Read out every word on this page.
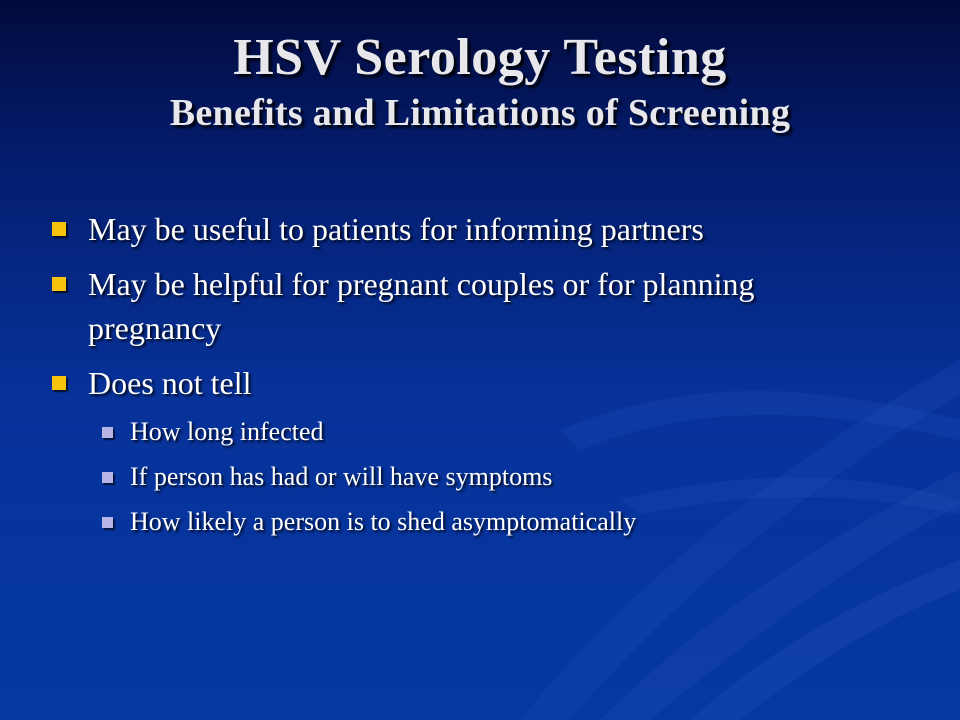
HSV Serology Testing
Benefits and Limitations of Screening
May be useful to patients for informing partners
May be helpful for pregnant couples or for planning
pregnancy
Does not tell
How long infected
If person has had or will have symptoms
How likely a person is to shed asymptomatically
